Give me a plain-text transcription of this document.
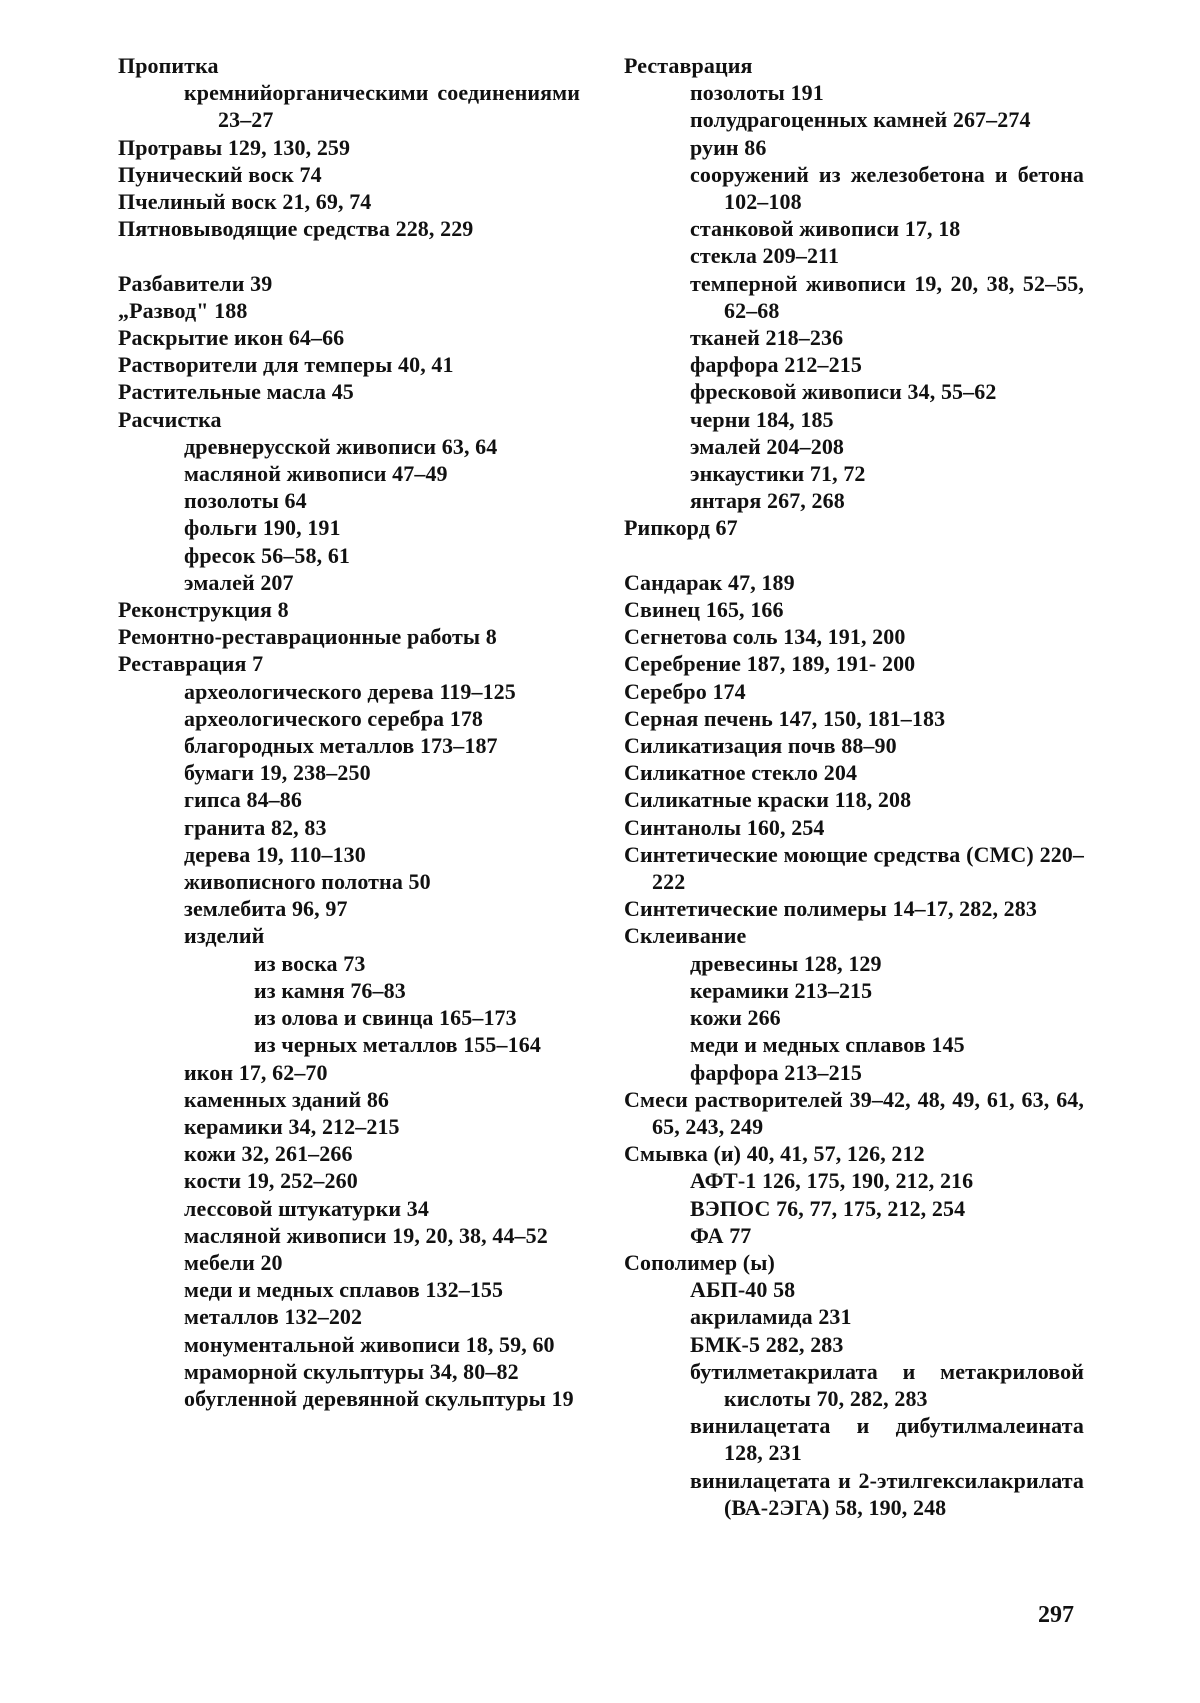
Пропитка

кремнийорганическими соединениями 23–27

Протравы 129, 130, 259

Пунический воск 74

Пчелиный воск 21, 69, 74

Пятновыводящие средства 228, 229

Разбавители 39

„Развод" 188

Раскрытие икон 64–66

Растворители для темперы 40, 41

Растительные масла 45

Расчистка

древнерусской живописи 63, 64

масляной живописи 47–49

позолоты 64

фольги 190, 191

фресок 56–58, 61

эмалей 207

Реконструкция 8

Ремонтно-реставрационные работы 8

Реставрация 7

археологического дерева 119–125

археологического серебра 178

благородных металлов 173–187

бумаги 19, 238–250

гипса 84–86

гранита 82, 83

дерева 19, 110–130

живописного полотна 50

землебита 96, 97

изделий

из воска 73

из камня 76–83

из олова и свинца 165–173

из черных металлов 155–164

икон 17, 62–70

каменных зданий 86

керамики 34, 212–215

кожи 32, 261–266

кости 19, 252–260

лессовой штукатурки 34

масляной живописи 19, 20, 38, 44–52

мебели 20

меди и медных сплавов 132–155

металлов 132–202

монументальной живописи 18, 59, 60

мраморной скульптуры 34, 80–82

обугленной деревянной скульптуры 19

Реставрация

позолоты 191

полудрагоценных камней 267–274

руин 86

сооружений из железобетона и бетона 102–108

станковой живописи 17, 18

стекла 209–211

темперной живописи 19, 20, 38, 52–55, 62–68

тканей 218–236

фарфора 212–215

фресковой живописи 34, 55–62

черни 184, 185

эмалей 204–208

энкаустики 71, 72

янтаря 267, 268

Рипкорд 67

Сандарак 47, 189

Свинец 165, 166

Сегнетова соль 134, 191, 200

Серебрение 187, 189, 191- 200

Серебро 174

Серная печень 147, 150, 181–183

Силикатизация почв 88–90

Силикатное стекло 204

Силикатные краски 118, 208

Синтанолы 160, 254

Синтетические моющие средства (СМС) 220–222

Синтетические полимеры 14–17, 282, 283

Склеивание

древесины 128, 129

керамики 213–215

кожи 266

меди и медных сплавов 145

фарфора 213–215

Смеси растворителей 39–42, 48, 49, 61, 63, 64, 65, 243, 249

Смывка (и) 40, 41, 57, 126, 212

АФТ-1 126, 175, 190, 212, 216

ВЭПОС 76, 77, 175, 212, 254

ФА 77

Сополимер (ы)

АБП-40 58

акриламида 231

БМК-5 282, 283

бутилметакрилата и метакриловой кислоты 70, 282, 283

винилацетата и дибутилмалеината 128, 231

винилацетата и 2-этилгексилакрилата (ВА-2ЭГА) 58, 190, 248

297
